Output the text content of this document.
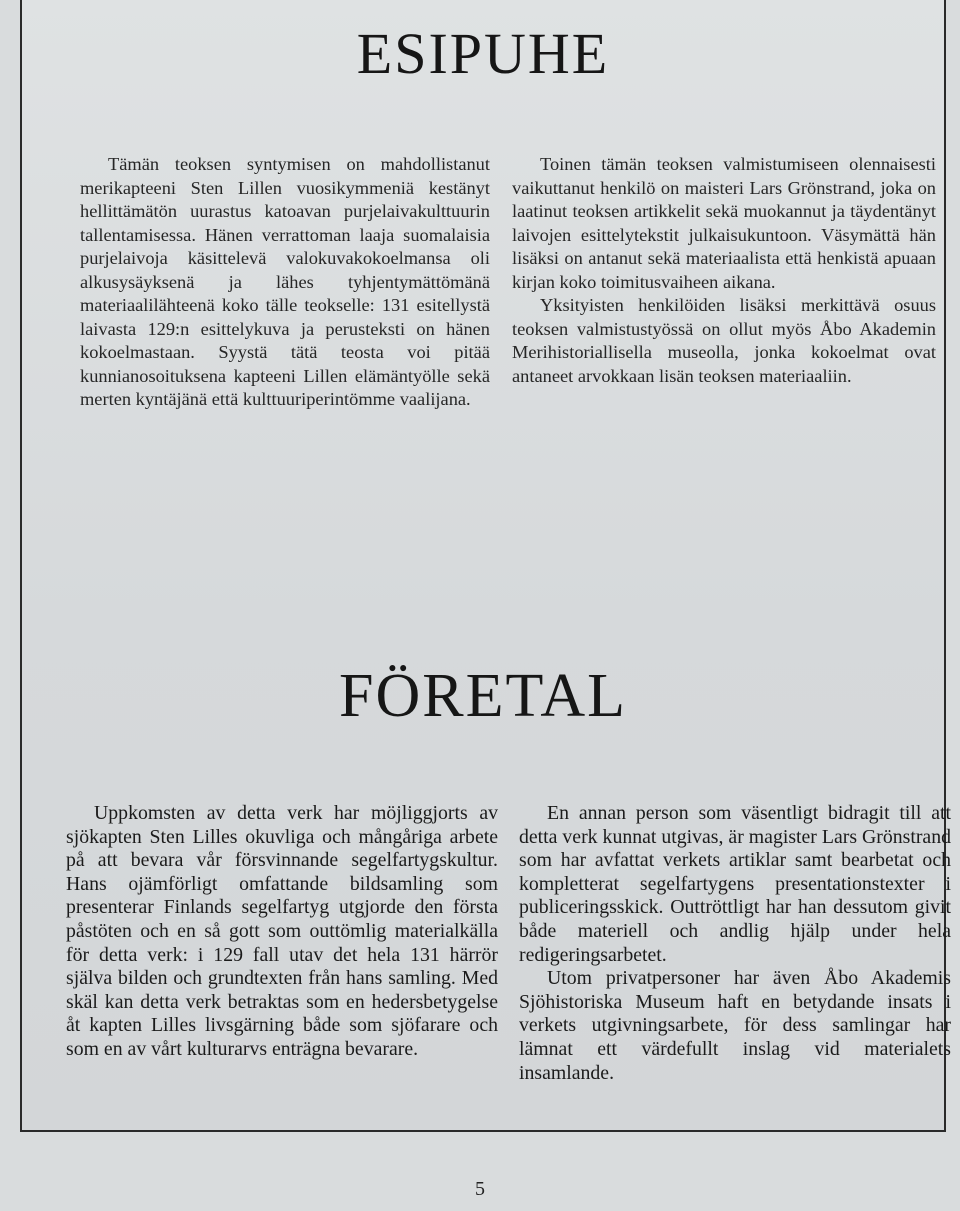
ESIPUHE

Tämän teoksen syntymisen on mahdollistanut merikapteeni Sten Lillen vuosikymmeniä kestänyt hellittämätön uurastus katoavan purjelaivakulttuurin tallentamisessa. Hänen verrattoman laaja suomalaisia purjelaivoja käsittelevä valokuvakokoelmansa oli alkusysäyksenä ja lähes tyhjentymättömänä materiaalilähteenä koko tälle teokselle: 131 esitellystä laivasta 129:n esittelykuva ja perusteksti on hänen kokoelmastaan. Syystä tätä teosta voi pitää kunnianosoituksena kapteeni Lillen elämäntyölle sekä merten kyntäjänä että kulttuuriperintömme vaalijana.

Toinen tämän teoksen valmistumiseen olennaisesti vaikuttanut henkilö on maisteri Lars Grönstrand, joka on laatinut teoksen artikkelit sekä muokannut ja täydentänyt laivojen esittelytekstit julkaisukuntoon. Väsymättä hän lisäksi on antanut sekä materiaalista että henkistä apuaan kirjan koko toimitusvaiheen aikana.

Yksityisten henkilöiden lisäksi merkittävä osuus teoksen valmistustyössä on ollut myös Åbo Akademin Merihistoriallisella museolla, jonka kokoelmat ovat antaneet arvokkaan lisän teoksen materiaaliin.

FÖRETAL

Uppkomsten av detta verk har möjliggjorts av sjökapten Sten Lilles okuvliga och mångåriga arbete på att bevara vår försvinnande segelfartygskultur. Hans ojämförligt omfattande bildsamling som presenterar Finlands segelfartyg utgjorde den första påstöten och en så gott som outtömlig materialkälla för detta verk: i 129 fall utav det hela 131 härrör själva bilden och grundtexten från hans samling. Med skäl kan detta verk betraktas som en hedersbetygelse åt kapten Lilles livsgärning både som sjöfarare och som en av vårt kulturarvs enträgna bevarare.

En annan person som väsentligt bidragit till att detta verk kunnat utgivas, är magister Lars Grönstrand som har avfattat verkets artiklar samt bearbetat och kompletterat segelfartygens presentationstexter i publiceringsskick. Outtröttligt har han dessutom givit både materiell och andlig hjälp under hela redigeringsarbetet.

Utom privatpersoner har även Åbo Akademis Sjöhistoriska Museum haft en betydande insats i verkets utgivningsarbete, för dess samlingar har lämnat ett värdefullt inslag vid materialets insamlande.

5
